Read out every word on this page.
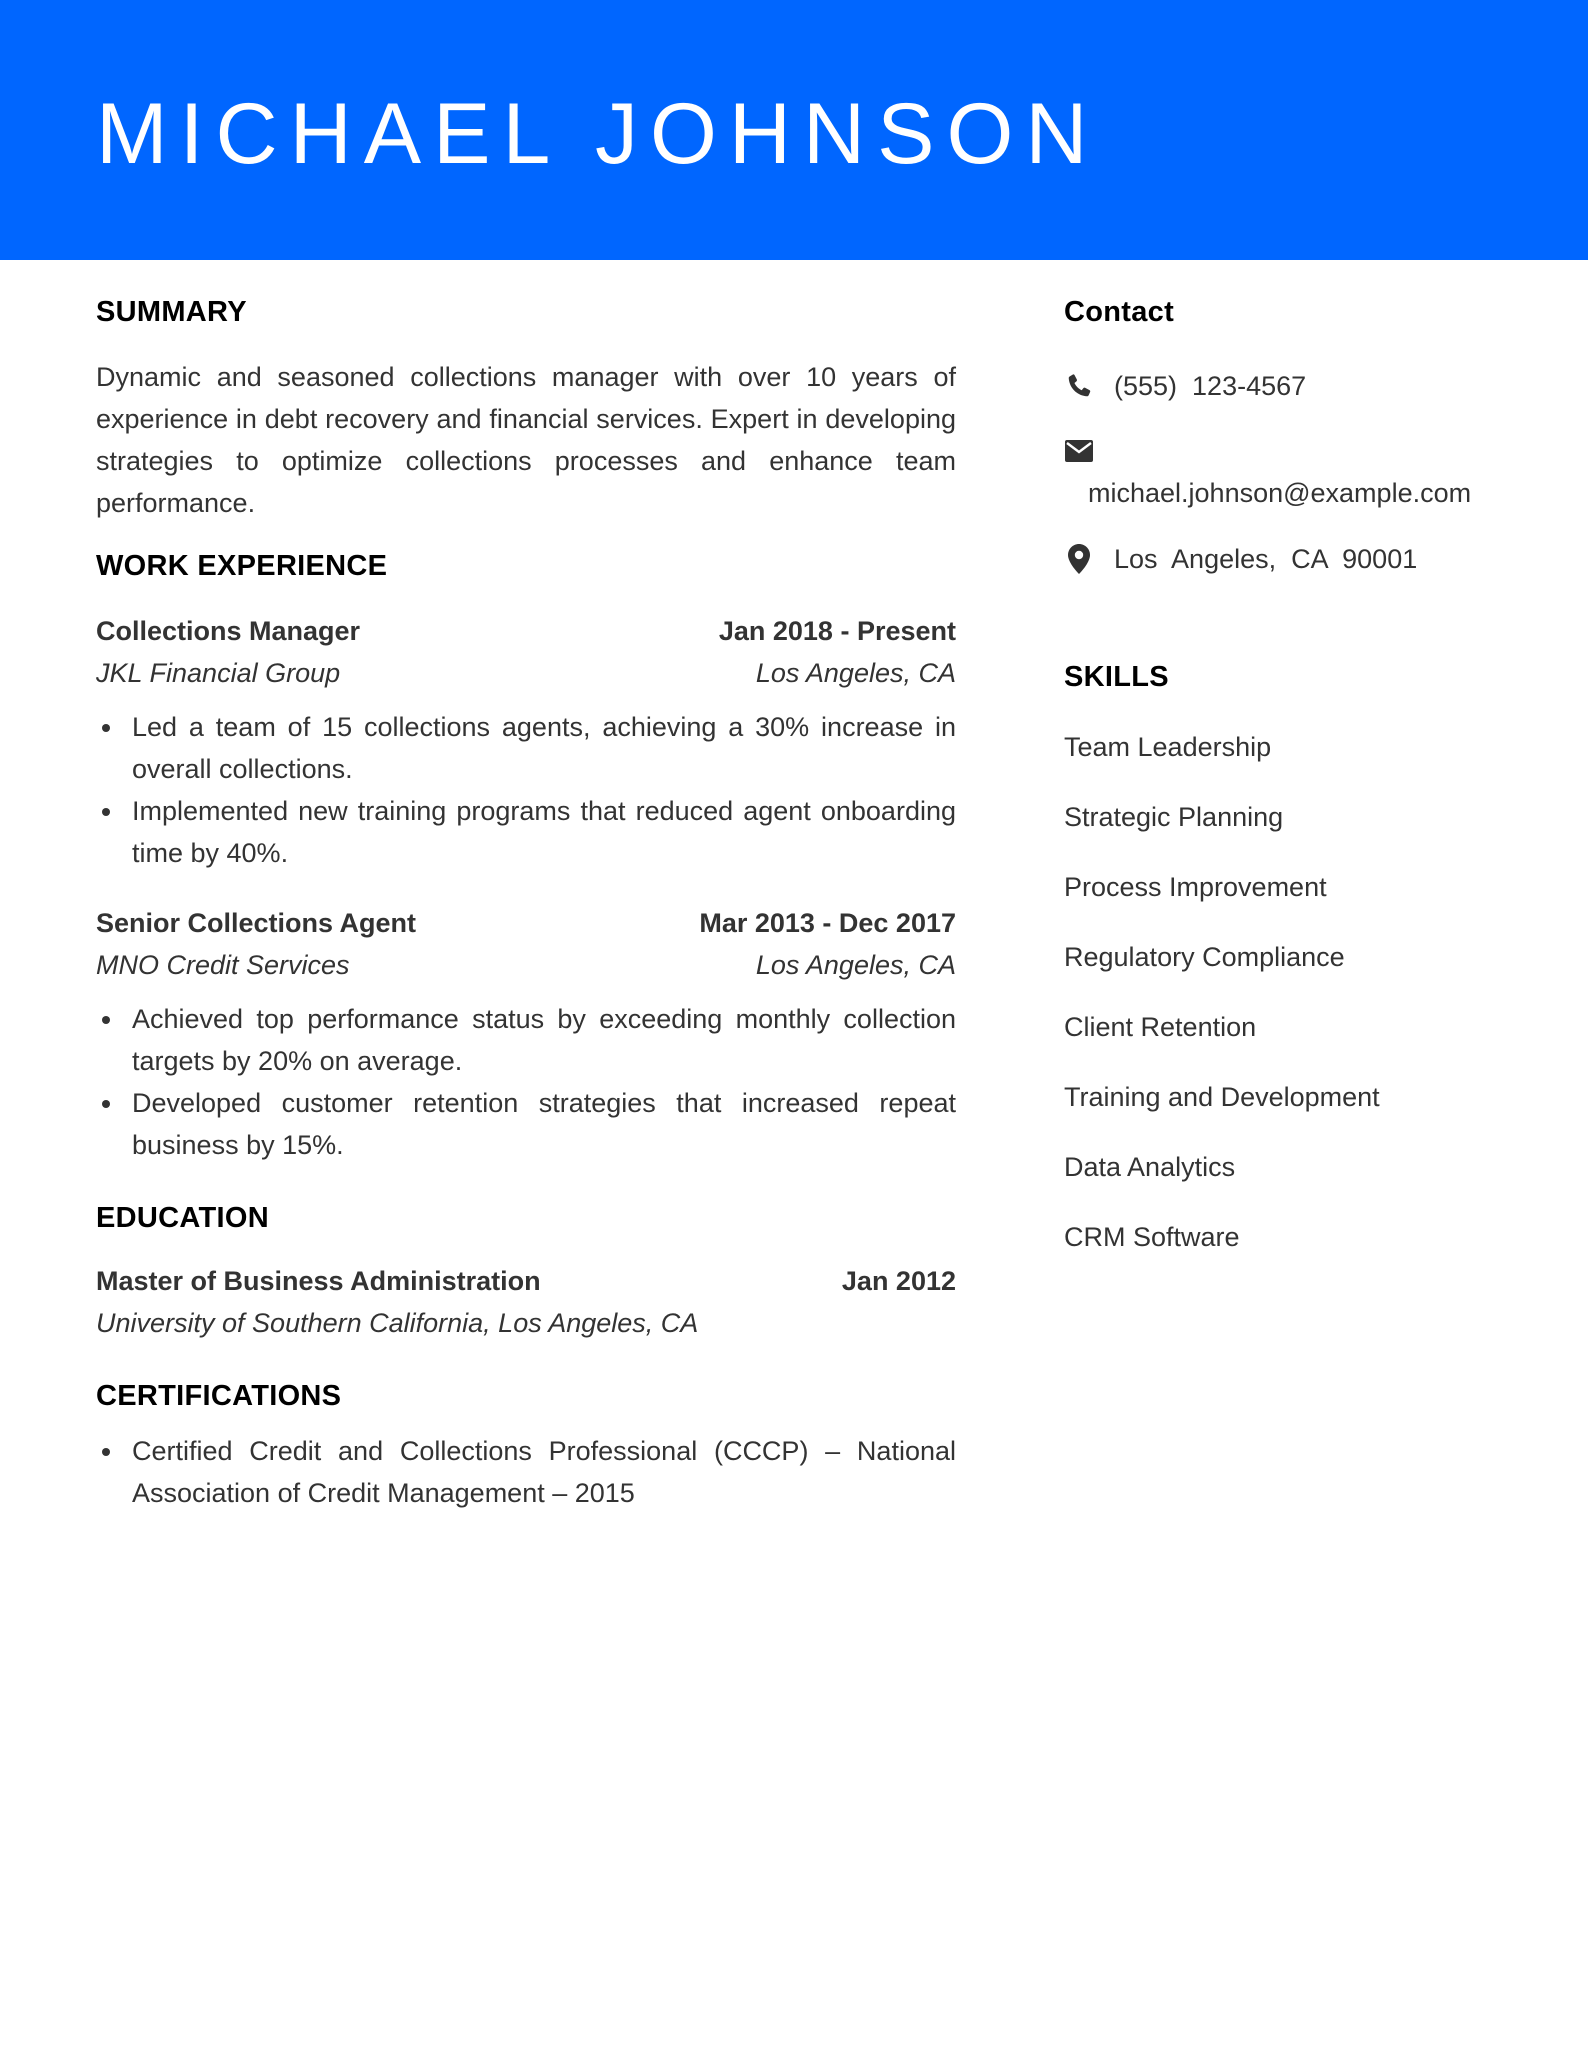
MICHAEL JOHNSON
SUMMARY

Dynamic and seasoned collections manager with over 10 years of experience in debt recovery and financial services. Expert in developing strategies to optimize collections processes and enhance team performance.

WORK EXPERIENCE
Collections Manager	Jan 2018 - Present
JKL Financial Group	Los Angeles, CA
Led a team of 15 collections agents, achieving a 30% increase in overall collections.
Implemented new training programs that reduced agent onboarding time by 40%.
Senior Collections Agent	Mar 2013 - Dec 2017
MNO Credit Services	Los Angeles, CA
Achieved top performance status by exceeding monthly collection targets by 20% on average.
Developed customer retention strategies that increased repeat business by 15%.
EDUCATION
Master of Business Administration	Jan 2012
University of Southern California, Los Angeles, CA
CERTIFICATIONS
Certified Credit and Collections Professional (CCCP) – National Association of Credit Management – 2015
Contact
(555)  123-4567
michael.johnson@example.com
Los  Angeles,  CA  90001
SKILLS
Team Leadership
Strategic Planning
Process Improvement
Regulatory Compliance
Client Retention
Training and Development
Data Analytics
CRM Software
